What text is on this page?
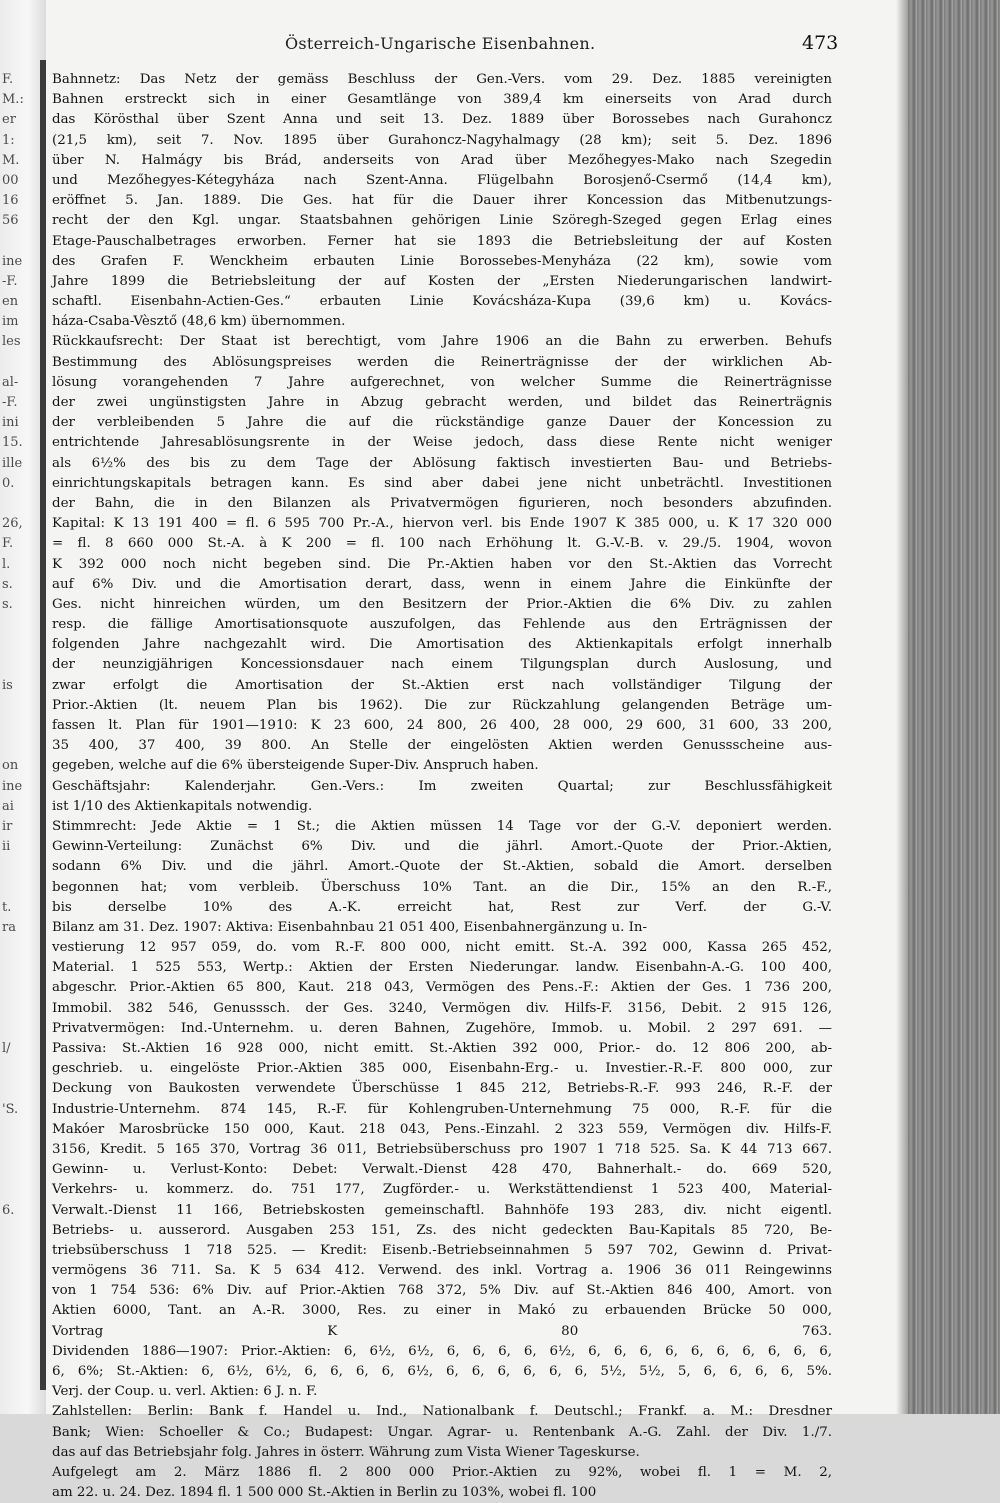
F.
M.:
er
1:
M.
00
16
56
ine
-F.
en
im
les
al-
-F.
ini
15.
ille
0.
26,
F.
l.
s.
s.
is
on
ine
ai
ir
ii
t.
ra
l/
'S.
6.
Österreich-Ungarische Eisenbahnen.	473
Bahnnetz: Das Netz der gemäss Beschluss der Gen.-Vers. vom 29. Dez. 1885 vereinigten
Bahnen erstreckt sich in einer Gesamtlänge von 389,4 km einerseits von Arad durch
das Körösthal über Szent Anna und seit 13. Dez. 1889 über Borossebes nach Gurahoncz
(21,5 km), seit 7. Nov. 1895 über Gurahoncz-Nagyhalmagy (28 km); seit 5. Dez. 1896
über N. Halmágy bis Brád, anderseits von Arad über Mezőhegyes-Mako nach Szegedin
und Mezőhegyes-Kétegyháza nach Szent-Anna. Flügelbahn Borosjenő-Csermő (14,4 km),
eröffnet 5. Jan. 1889. Die Ges. hat für die Dauer ihrer Koncession das Mitbenutzungs-
recht der den Kgl. ungar. Staatsbahnen gehörigen Linie Szöregh-Szeged gegen Erlag eines
Etage-Pauschalbetrages erworben. Ferner hat sie 1893 die Betriebsleitung der auf Kosten
des Grafen F. Wenckheim erbauten Linie Borossebes-Menyháza (22 km), sowie vom
Jahre 1899 die Betriebsleitung der auf Kosten der „Ersten Niederungarischen landwirt-
schaftl. Eisenbahn-Actien-Ges.“ erbauten Linie Kovácsháza-Kupa (39,6 km) u. Kovács-
háza-Csaba-Vèsztő (48,6 km) übernommen.
Rückkaufsrecht: Der Staat ist berechtigt, vom Jahre 1906 an die Bahn zu erwerben. Behufs
Bestimmung des Ablösungspreises werden die Reinerträgnisse der der wirklichen Ab-
lösung vorangehenden 7 Jahre aufgerechnet, von welcher Summe die Reinerträgnisse
der zwei ungünstigsten Jahre in Abzug gebracht werden, und bildet das Reinerträgnis
der verbleibenden 5 Jahre die auf die rückständige ganze Dauer der Koncession zu
entrichtende Jahresablösungsrente in der Weise jedoch, dass diese Rente nicht weniger
als 6½% des bis zu dem Tage der Ablösung faktisch investierten Bau- und Betriebs-
einrichtungskapitals betragen kann. Es sind aber dabei jene nicht unbeträchtl. Investitionen
der Bahn, die in den Bilanzen als Privatvermögen figurieren, noch besonders abzufinden.
Kapital: K 13 191 400 = fl. 6 595 700 Pr.-A., hiervon verl. bis Ende 1907 K 385 000, u. K 17 320 000
= fl. 8 660 000 St.-A. à K 200 = fl. 100 nach Erhöhung lt. G.-V.-B. v. 29./5. 1904, wovon
K 392 000 noch nicht begeben sind. Die Pr.-Aktien haben vor den St.-Aktien das Vorrecht
auf 6% Div. und die Amortisation derart, dass, wenn in einem Jahre die Einkünfte der
Ges. nicht hinreichen würden, um den Besitzern der Prior.-Aktien die 6% Div. zu zahlen
resp. die fällige Amortisationsquote auszufolgen, das Fehlende aus den Erträgnissen der
folgenden Jahre nachgezahlt wird. Die Amortisation des Aktienkapitals erfolgt innerhalb
der neunzigjährigen Koncessionsdauer nach einem Tilgungsplan durch Auslosung, und
zwar erfolgt die Amortisation der St.-Aktien erst nach vollständiger Tilgung der
Prior.-Aktien (lt. neuem Plan bis 1962). Die zur Rückzahlung gelangenden Beträge um-
fassen lt. Plan für 1901—1910: K 23 600, 24 800, 26 400, 28 000, 29 600, 31 600, 33 200,
35 400, 37 400, 39 800. An Stelle der eingelösten Aktien werden Genussscheine aus-
gegeben, welche auf die 6% übersteigende Super-Div. Anspruch haben.
Geschäftsjahr: Kalenderjahr. Gen.-Vers.: Im zweiten Quartal; zur Beschlussfähigkeit
ist 1/10 des Aktienkapitals notwendig.
Stimmrecht: Jede Aktie = 1 St.; die Aktien müssen 14 Tage vor der G.-V. deponiert werden.
Gewinn-Verteilung: Zunächst 6% Div. und die jährl. Amort.-Quote der Prior.-Aktien,
sodann 6% Div. und die jährl. Amort.-Quote der St.-Aktien, sobald die Amort. derselben
begonnen hat; vom verbleib. Überschuss 10% Tant. an die Dir., 15% an den R.-F.,
bis derselbe 10% des A.-K. erreicht hat, Rest zur Verf. der G.-V.
Bilanz am 31. Dez. 1907: Aktiva: Eisenbahnbau 21 051 400, Eisenbahnergänzung u. In-
vestierung 12 957 059, do. vom R.-F. 800 000, nicht emitt. St.-A. 392 000, Kassa 265 452,
Material. 1 525 553, Wertp.: Aktien der Ersten Niederungar. landw. Eisenbahn-A.-G. 100 400,
abgeschr. Prior.-Aktien 65 800, Kaut. 218 043, Vermögen des Pens.-F.: Aktien der Ges. 1 736 200,
Immobil. 382 546, Genusssch. der Ges. 3240, Vermögen div. Hilfs-F. 3156, Debit. 2 915 126,
Privatvermögen: Ind.-Unternehm. u. deren Bahnen, Zugehöre, Immob. u. Mobil. 2 297 691. —
Passiva: St.-Aktien 16 928 000, nicht emitt. St.-Aktien 392 000, Prior.- do. 12 806 200, ab-
geschrieb. u. eingelöste Prior.-Aktien 385 000, Eisenbahn-Erg.- u. Investier.-R.-F. 800 000, zur
Deckung von Baukosten verwendete Überschüsse 1 845 212, Betriebs-R.-F. 993 246, R.-F. der
Industrie-Unternehm. 874 145, R.-F. für Kohlengruben-Unternehmung 75 000, R.-F. für die
Makóer Marosbrücke 150 000, Kaut. 218 043, Pens.-Einzahl. 2 323 559, Vermögen div. Hilfs-F.
3156, Kredit. 5 165 370, Vortrag 36 011, Betriebsüberschuss pro 1907 1 718 525. Sa. K 44 713 667.
Gewinn- u. Verlust-Konto: Debet: Verwalt.-Dienst 428 470, Bahnerhalt.- do. 669 520,
Verkehrs- u. kommerz. do. 751 177, Zugförder.- u. Werkstättendienst 1 523 400, Material-
Verwalt.-Dienst 11 166, Betriebskosten gemeinschaftl. Bahnhöfe 193 283, div. nicht eigentl.
Betriebs- u. ausserord. Ausgaben 253 151, Zs. des nicht gedeckten Bau-Kapitals 85 720, Be-
triebsüberschuss 1 718 525. — Kredit: Eisenb.-Betriebseinnahmen 5 597 702, Gewinn d. Privat-
vermögens 36 711. Sa. K 5 634 412. Verwend. des inkl. Vortrag a. 1906 36 011 Reingewinns
von 1 754 536: 6% Div. auf Prior.-Aktien 768 372, 5% Div. auf St.-Aktien 846 400, Amort. von
Aktien 6000, Tant. an A.-R. 3000, Res. zu einer in Makó zu erbauenden Brücke 50 000,
Vortrag K 80 763.
Dividenden 1886—1907: Prior.-Aktien: 6, 6½, 6½, 6, 6, 6, 6, 6½, 6, 6, 6, 6, 6, 6, 6, 6, 6, 6,
6, 6%; St.-Aktien: 6, 6½, 6½, 6, 6, 6, 6, 6½, 6, 6, 6, 6, 6, 6, 5½, 5½, 5, 6, 6, 6, 6, 5%.
Verj. der Coup. u. verl. Aktien: 6 J. n. F.
Zahlstellen: Berlin: Bank f. Handel u. Ind., Nationalbank f. Deutschl.; Frankf. a. M.: Dresdner
Bank; Wien: Schoeller & Co.; Budapest: Ungar. Agrar- u. Rentenbank A.-G. Zahl. der Div. 1./7.
das auf das Betriebsjahr folg. Jahres in österr. Währung zum Vista Wiener Tageskurse.
Aufgelegt am 2. März 1886 fl. 2 800 000 Prior.-Aktien zu 92%, wobei fl. 1 = M. 2,
am 22. u. 24. Dez. 1894 fl. 1 500 000 St.-Aktien in Berlin zu 103%, wobei fl. 100
